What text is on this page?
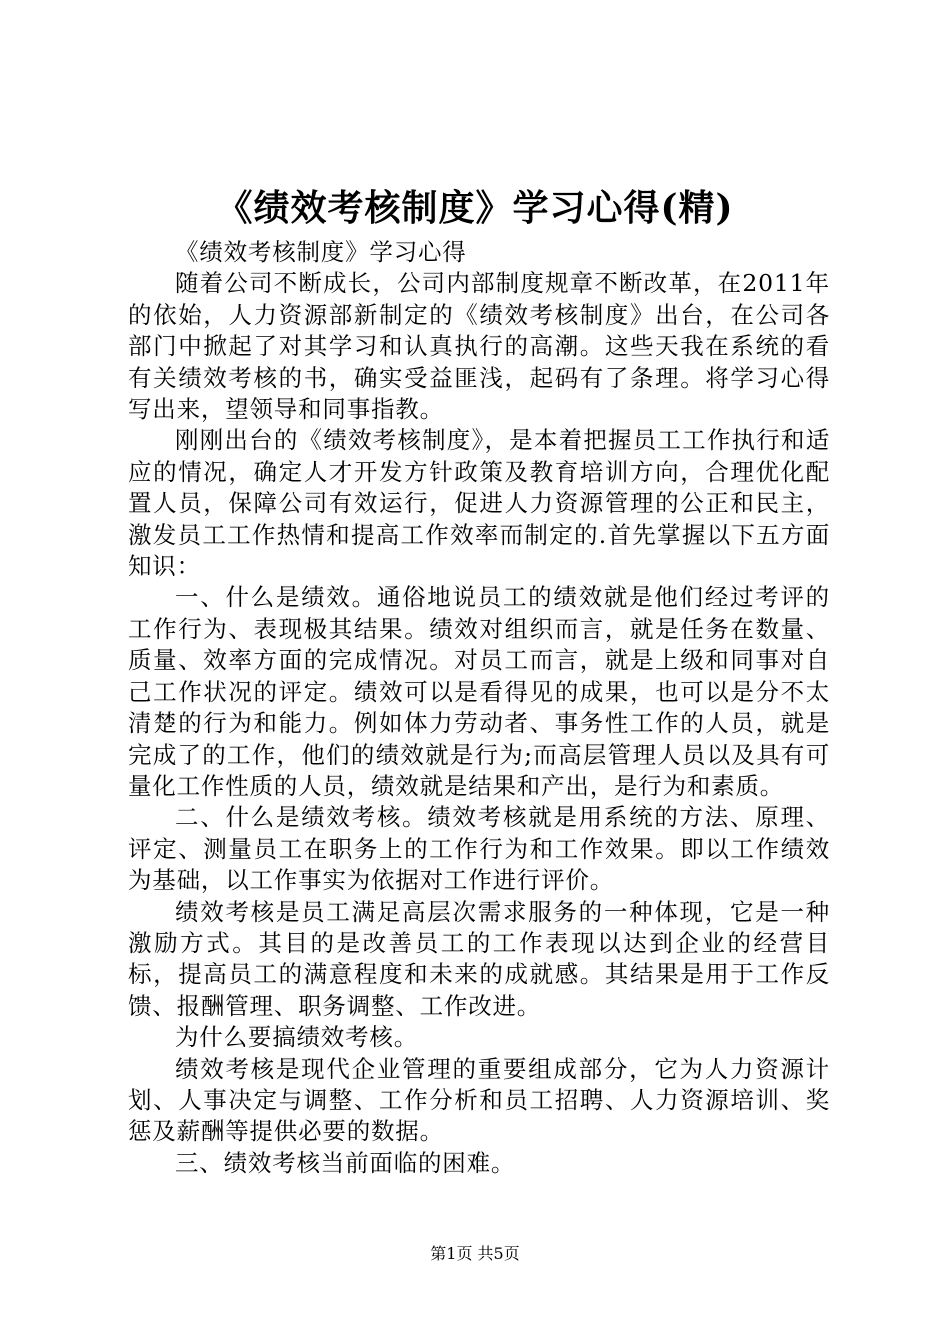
《绩效考核制度》学习心得(精)

《绩效考核制度》学习心得

随着公司不断成长，公司内部制度规章不断改革，在2011年的依始，人力资源部新制定的《绩效考核制度》出台，在公司各部门中掀起了对其学习和认真执行的高潮。这些天我在系统的看有关绩效考核的书，确实受益匪浅，起码有了条理。将学习心得写出来，望领导和同事指教。

刚刚出台的《绩效考核制度》，是本着把握员工工作执行和适应的情况，确定人才开发方针政策及教育培训方向，合理优化配置人员，保障公司有效运行，促进人力资源管理的公正和民主，激发员工工作热情和提高工作效率而制定的.首先掌握以下五方面知识：

一、什么是绩效。通俗地说员工的绩效就是他们经过考评的工作行为、表现极其结果。绩效对组织而言，就是任务在数量、质量、效率方面的完成情况。对员工而言，就是上级和同事对自己工作状况的评定。绩效可以是看得见的成果，也可以是分不太清楚的行为和能力。例如体力劳动者、事务性工作的人员，就是完成了的工作，他们的绩效就是行为;而高层管理人员以及具有可量化工作性质的人员，绩效就是结果和产出，是行为和素质。

二、什么是绩效考核。绩效考核就是用系统的方法、原理、评定、测量员工在职务上的工作行为和工作效果。即以工作绩效为基础，以工作事实为依据对工作进行评价。

绩效考核是员工满足高层次需求服务的一种体现，它是一种激励方式。其目的是改善员工的工作表现以达到企业的经营目标，提高员工的满意程度和未来的成就感。其结果是用于工作反馈、报酬管理、职务调整、工作改进。

为什么要搞绩效考核。

绩效考核是现代企业管理的重要组成部分，它为人力资源计划、人事决定与调整、工作分析和员工招聘、人力资源培训、奖惩及薪酬等提供必要的数据。

三、绩效考核当前面临的困难。

第1页 共5页
